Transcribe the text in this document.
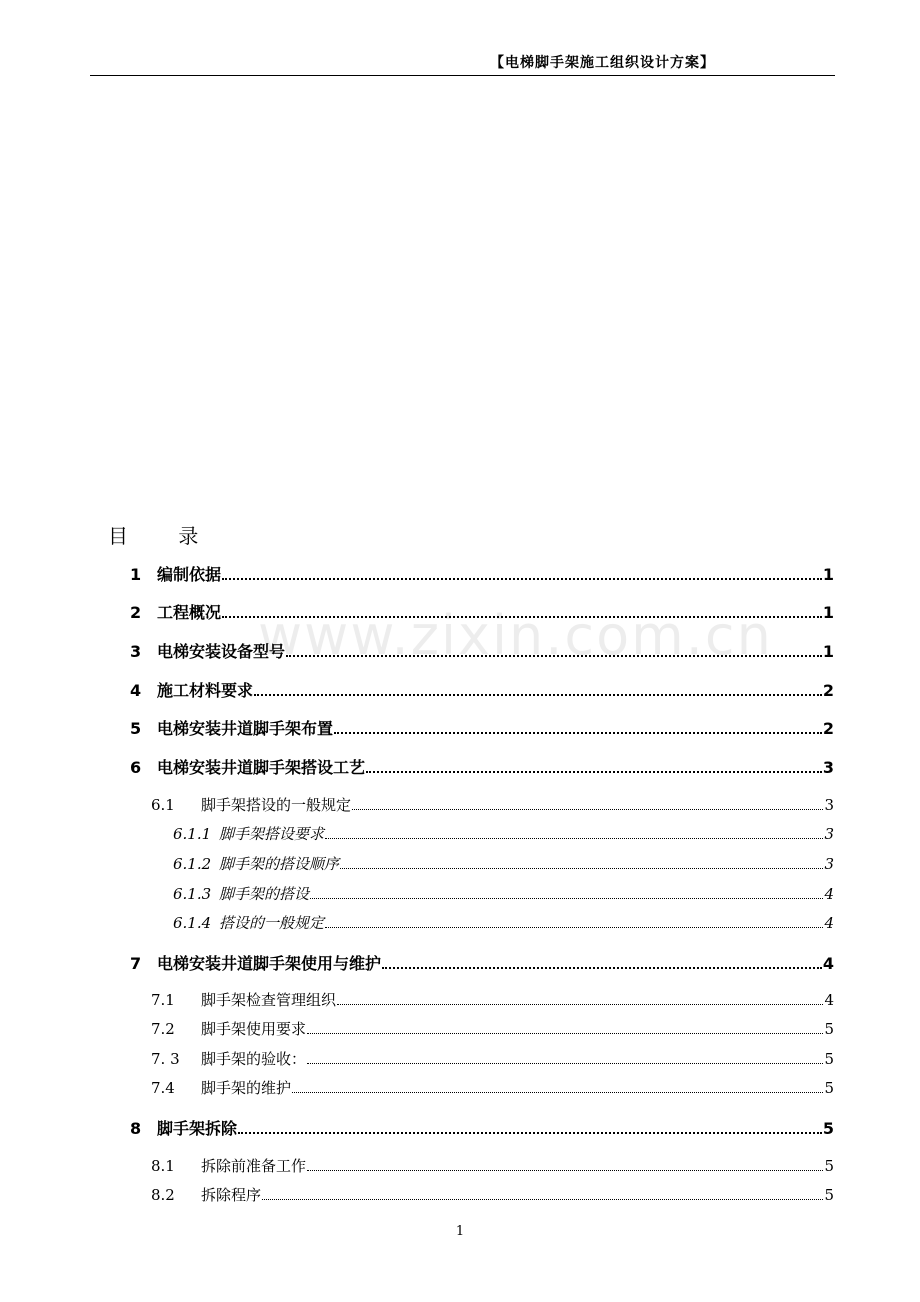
【电梯脚手架施工组织设计方案】
目 录
www.zixin.com.cn
1 编制依据	1
2 工程概况	1
3 电梯安装设备型号	1
4 施工材料要求	2
5 电梯安装井道脚手架布置	2
6 电梯安装井道脚手架搭设工艺	3
6.1	脚手架搭设的一般规定	3
6.1.1 脚手架搭设要求	3
6.1.2 脚手架的搭设顺序	3
6.1.3 脚手架的搭设	4
6.1.4 搭设的一般规定	4
7 电梯安装井道脚手架使用与维护	4
7.1	脚手架检查管理组织	4
7.2	脚手架使用要求	5
7. 3	脚手架的验收：	5
7.4	脚手架的维护	5
8 脚手架拆除	5
8.1	拆除前准备工作	5
8.2	拆除程序	5
1
